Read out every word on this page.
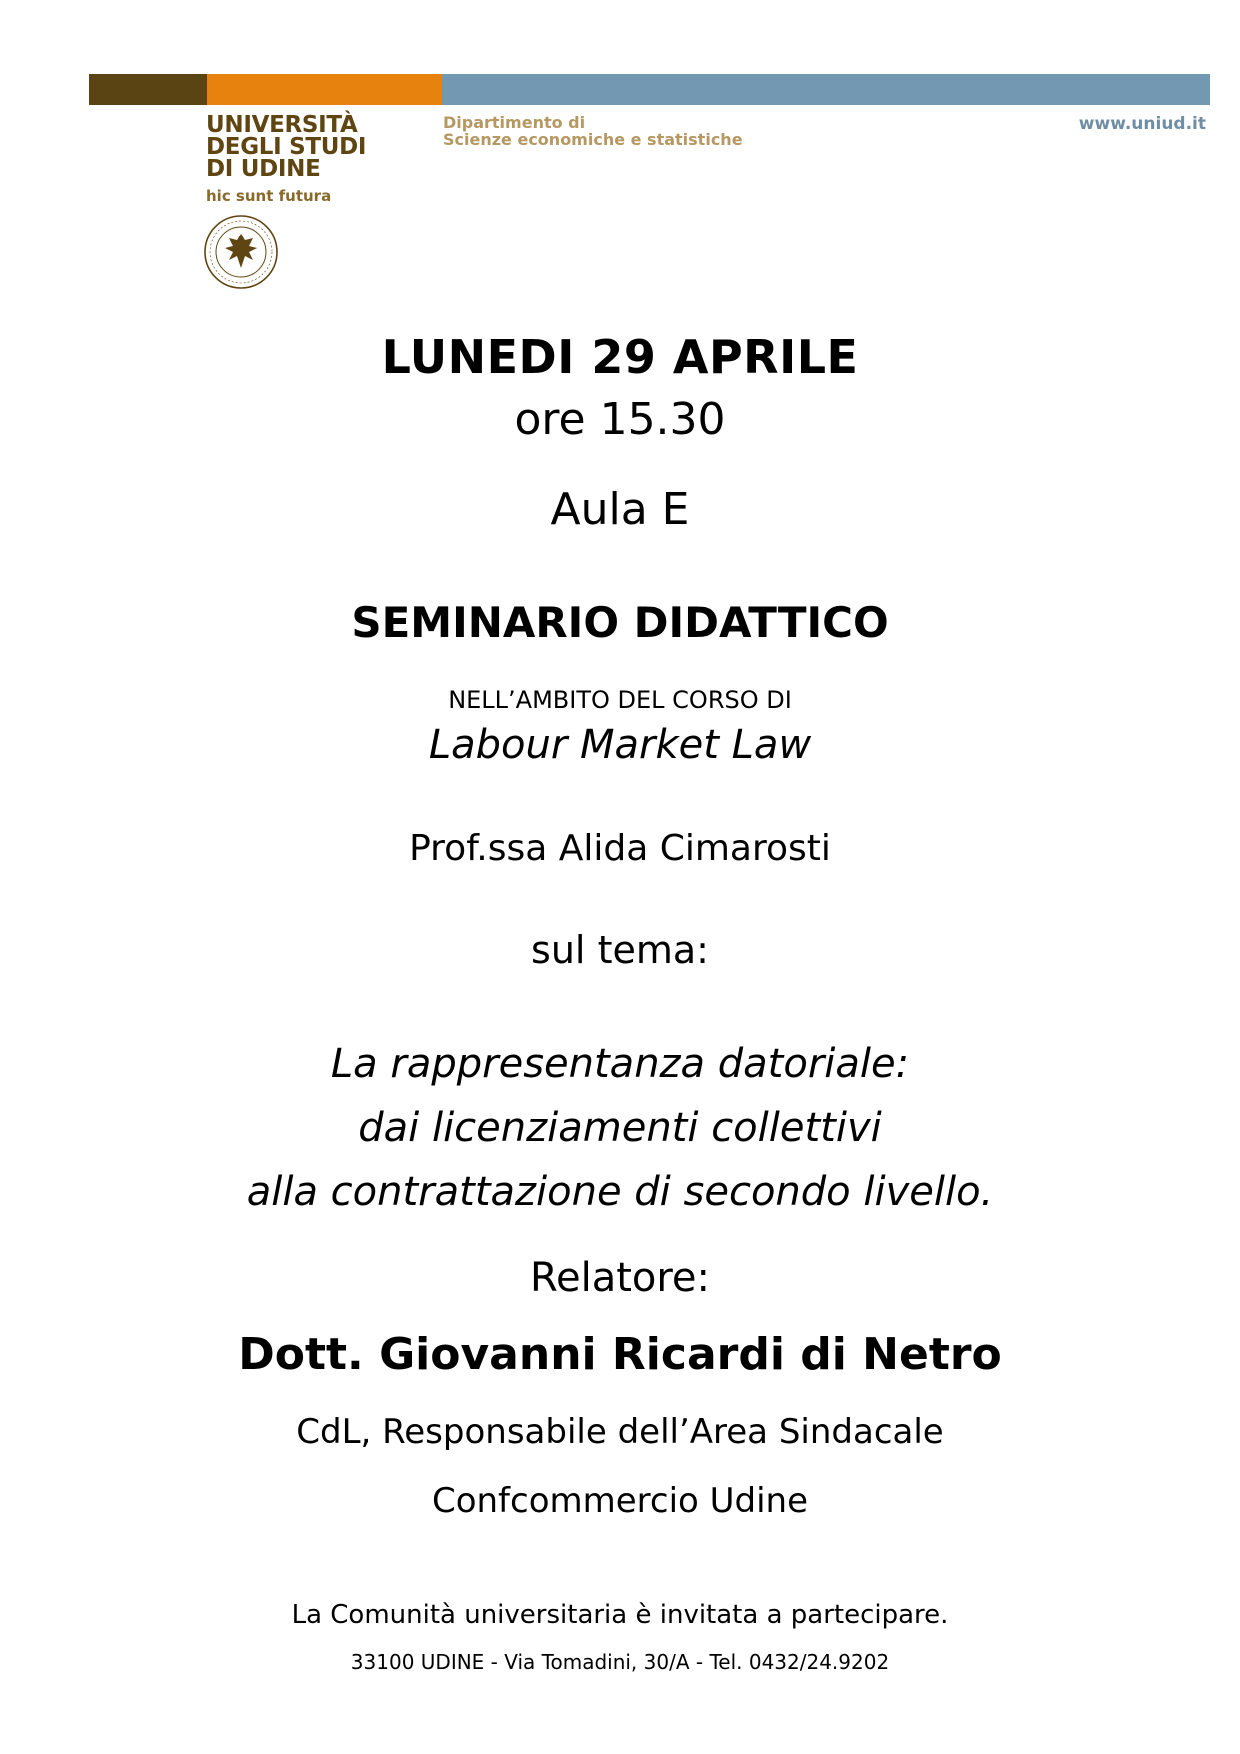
UNIVERSITÀ
DEGLI STUDI
DI UDINE
hic sunt futura
Dipartimento di
Scienze economiche e statistiche
www.uniud.it
LUNEDI 29 APRILE
ore 15.30
Aula E
SEMINARIO DIDATTICO
NELL’AMBITO DEL CORSO DI
Labour Market Law
Prof.ssa Alida Cimarosti
sul tema:
La rappresentanza datoriale:
dai licenziamenti collettivi
alla contrattazione di secondo livello.
Relatore:
Dott. Giovanni Ricardi di Netro
CdL, Responsabile dell’Area Sindacale
Confcommercio Udine
La Comunità universitaria è invitata a partecipare.
33100 UDINE - Via Tomadini, 30/A - Tel. 0432/24.9202
